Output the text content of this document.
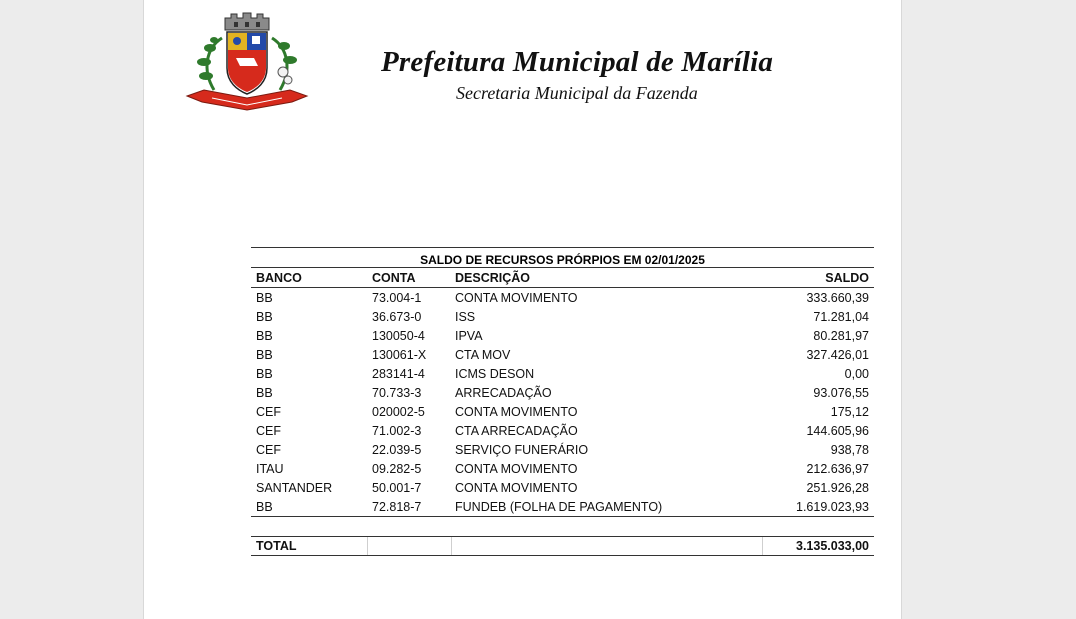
Prefeitura Municipal de Marília
Secretaria Municipal da Fazenda
SALDO DE RECURSOS PRÓRPIOS EM 02/01/2025
BANCO	CONTA	DESCRIÇÃO	SALDO
BB	73.004-1	CONTA MOVIMENTO	333.660,39
BB	36.673-0	ISS	71.281,04
BB	130050-4	IPVA	80.281,97
BB	130061-X	CTA MOV	327.426,01
BB	283141-4	ICMS DESON	0,00
BB	70.733-3	ARRECADAÇÃO	93.076,55
CEF	020002-5	CONTA MOVIMENTO	175,12
CEF	71.002-3	CTA ARRECADAÇÃO	144.605,96
CEF	22.039-5	SERVIÇO FUNERÁRIO	938,78
ITAU	09.282-5	CONTA MOVIMENTO	212.636,97
SANTANDER	50.001-7	CONTA MOVIMENTO	251.926,28
BB	72.818-7	FUNDEB (FOLHA DE PAGAMENTO)	1.619.023,93
TOTAL			3.135.033,00
